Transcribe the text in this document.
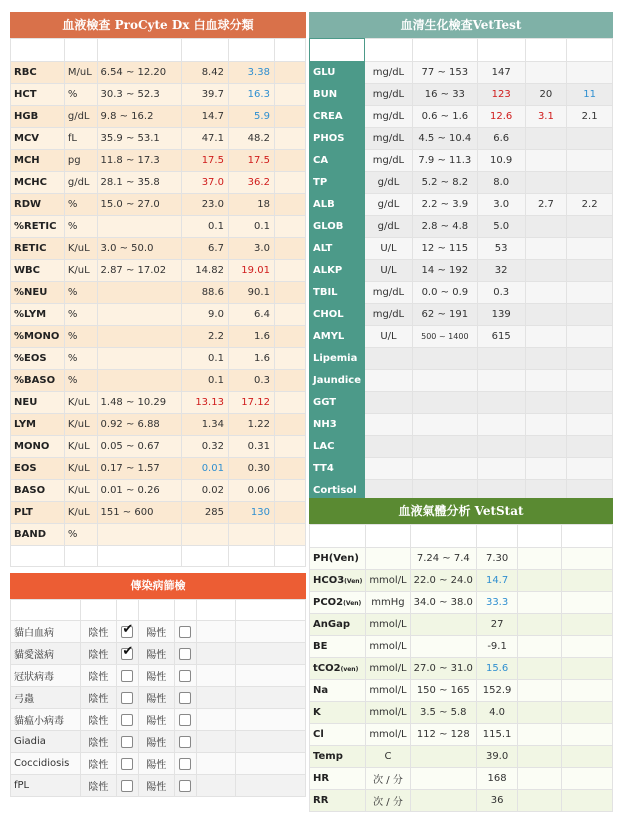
血液檢查 ProCyte Dx 白血球分類

RBC	M/uL	6.54 ~ 12.20	8.42	3.38	
HCT	%	30.3 ~ 52.3	39.7	16.3	
HGB	g/dL	9.8 ~ 16.2	14.7	5.9	
MCV	fL	35.9 ~ 53.1	47.1	48.2	
MCH	pg	11.8 ~ 17.3	17.5	17.5	
MCHC	g/dL	28.1 ~ 35.8	37.0	36.2	
RDW	%	15.0 ~ 27.0	23.0	18	
%RETIC	%		0.1	0.1	
RETIC	K/uL	3.0 ~ 50.0	6.7	3.0	
WBC	K/uL	2.87 ~ 17.02	14.82	19.01	
%NEU	%		88.6	90.1	
%LYM	%		9.0	6.4	
%MONO	%		2.2	1.6	
%EOS	%		0.1	1.6	
%BASO	%		0.1	0.3	
NEU	K/uL	1.48 ~ 10.29	13.13	17.12	
LYM	K/uL	0.92 ~ 6.88	1.34	1.22	
MONO	K/uL	0.05 ~ 0.67	0.32	0.31	
EOS	K/uL	0.17 ~ 1.57	0.01	0.30	
BASO	K/uL	0.01 ~ 0.26	0.02	0.06	
PLT	K/uL	151 ~ 600	285	130	
BAND	%				

血清生化檢查VetTest

GLU	mg/dL	77 ~ 153	147		
BUN	mg/dL	16 ~ 33	123	20	11
CREA	mg/dL	0.6 ~ 1.6	12.6	3.1	2.1
PHOS	mg/dL	4.5 ~ 10.4	6.6		
CA	mg/dL	7.9 ~ 11.3	10.9		
TP	g/dL	5.2 ~ 8.2	8.0		
ALB	g/dL	2.2 ~ 3.9	3.0	2.7	2.2
GLOB	g/dL	2.8 ~ 4.8	5.0		
ALT	U/L	12 ~ 115	53		
ALKP	U/L	14 ~ 192	32		
TBIL	mg/dL	0.0 ~ 0.9	0.3		
CHOL	mg/dL	62 ~ 191	139		
AMYL	U/L	500 ~ 1400	615		
Lipemia					
Jaundice					
GGT					
NH3					
LAC					
TT4					
Cortisol					
血液氣體分析 VetStat

PH(Ven)		7.24 ~ 7.4	7.30		
HCO3(Ven)	mmol/L	22.0 ~ 24.0	14.7		
PCO2(Ven)	mmHg	34.0 ~ 38.0	33.3		
AnGap	mmol/L		27		
BE	mmol/L		-9.1		
tCO2(ven)	mmol/L	27.0 ~ 31.0	15.6		
Na	mmol/L	150 ~ 165	152.9		
K	mmol/L	3.5 ~ 5.8	4.0		
Cl	mmol/L	112 ~ 128	115.1		
Temp	C		39.0		
HR	次 / 分		168		
RR	次 / 分		36		
傳染病篩檢

貓白血病	陰性	✔	陽性			
貓愛滋病	陰性	✔	陽性			
冠狀病毒	陰性		陽性			
弓蟲	陰性		陽性			
貓瘟小病毒	陰性		陽性			
Giadia	陰性		陽性			
Coccidiosis	陰性		陽性			
fPL	陰性		陽性			
